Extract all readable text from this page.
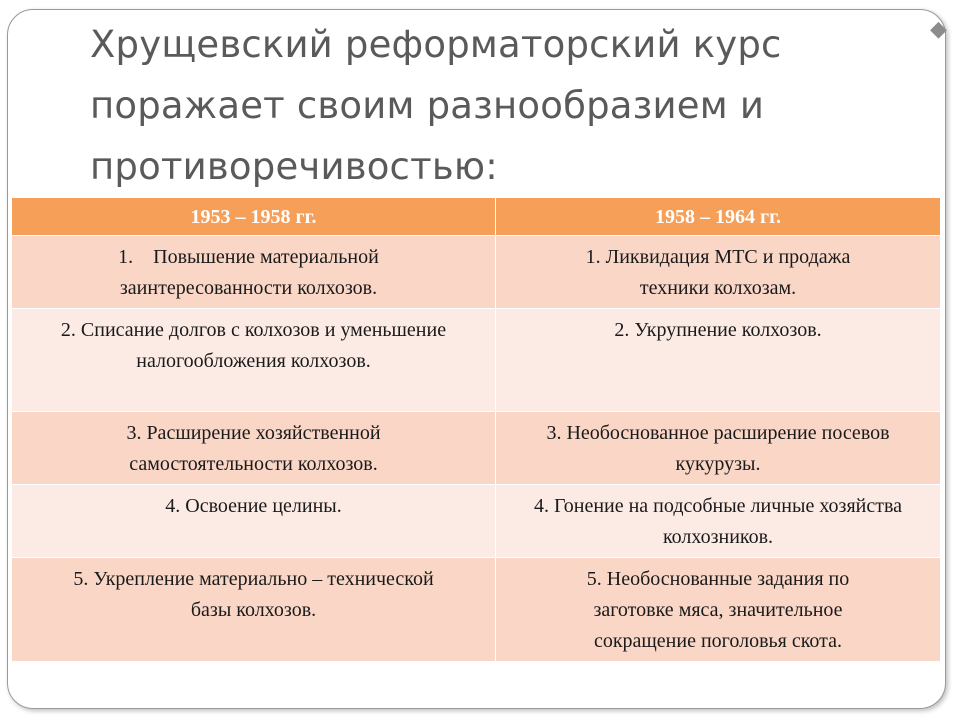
◆
Хрущевский реформаторский курс
поражает своим разнообразием и
противоречивостью:
1953 – 1958 гг.	1958 – 1964 гг.
1.    Повышение материальной заинтересованности колхозов.	1. Ликвидация МТС и продажа техники колхозам.
2. Списание долгов с колхозов и уменьшение налогообложения колхозов.	2. Укрупнение колхозов.
3. Расширение хозяйственной самостоятельности колхозов.	3. Необоснованное расширение посевов кукурузы.
4. Освоение целины.	4. Гонение на подсобные личные хозяйства колхозников.
5. Укрепление материально – технической базы колхозов.	5. Необоснованные задания по заготовке мяса, значительное сокращение поголовья скота.
